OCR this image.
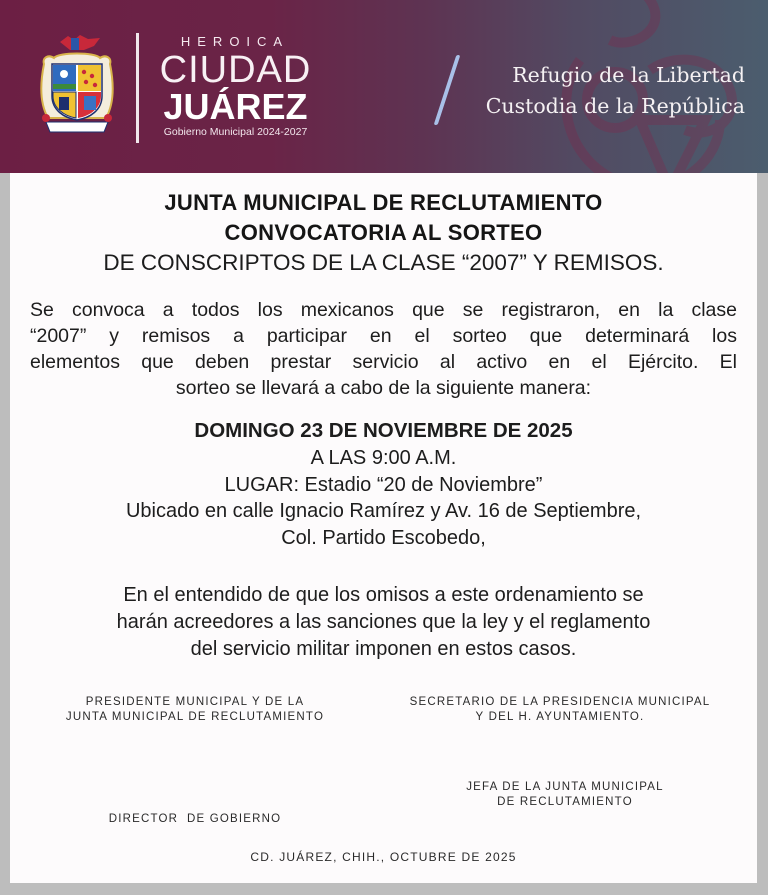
HEROICA
CIUDAD
JUÁREZ
Gobierno Municipal 2024-2027
Refugio de la Libertad
Custodia de la República
JUNTA MUNICIPAL DE RECLUTAMIENTO
CONVOCATORIA AL SORTEO
DE CONSCRIPTOS DE LA CLASE “2007” Y REMISOS.
Se convoca a todos los mexicanos que se registraron, en la clase
“2007” y remisos a participar en el sorteo que determinará los
elementos que deben prestar servicio al activo en el Ejército. El
sorteo se llevará a cabo de la siguiente manera:
DOMINGO 23 DE NOVIEMBRE DE 2025
A LAS 9:00 A.M.
LUGAR: Estadio “20 de Noviembre”
Ubicado en calle Ignacio Ramírez y Av. 16 de Septiembre,
Col. Partido Escobedo,
En el entendido de que los omisos a este ordenamiento se
harán acreedores a las sanciones que la ley y el reglamento
del servicio militar imponen en estos casos.
PRESIDENTE MUNICIPAL Y DE LA
JUNTA MUNICIPAL DE RECLUTAMIENTO
SECRETARIO DE LA PRESIDENCIA MUNICIPAL
Y DEL H. AYUNTAMIENTO.

DIRECTOR  DE GOBIERNO

JEFA DE LA JUNTA MUNICIPAL
DE RECLUTAMIENTO
CD. JUÁREZ, CHIH., OCTUBRE DE 2025
